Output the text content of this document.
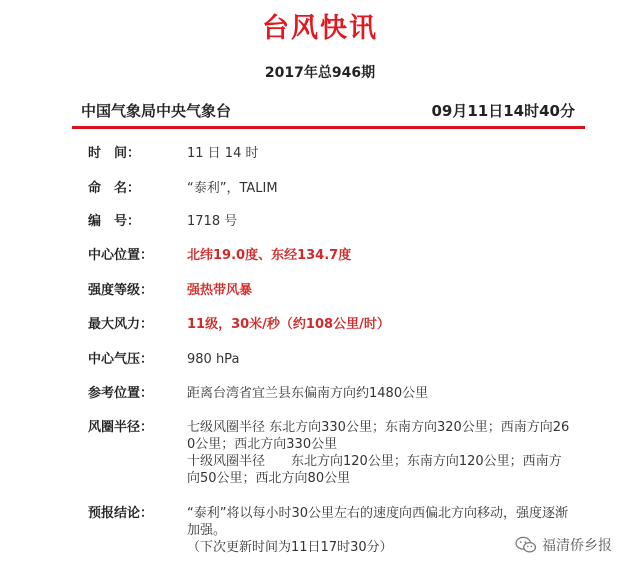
台风快讯
2017年总946期
中国气象局中央气象台	09月11日14时40分
时　间：	11 日 14 时
命　名：	“泰利”，TALIM
编　号：	1718 号
中心位置：	北纬19.0度、东经134.7度
强度等级：	强热带风暴
最大风力：	11级，30米/秒（约108公里/时）
中心气压：	980 hPa
参考位置：	距离台湾省宜兰县东偏南方向约1480公里
风圈半径：	七级风圈半径 东北方向330公里；东南方向320公里；西南方向26
0公里；西北方向330公里
十级风圈半径　　东北方向120公里；东南方向120公里；西南方
向50公里；西北方向80公里
预报结论：	“泰利”将以每小时30公里左右的速度向西偏北方向移动，强度逐渐
加强。
（下次更新时间为11日17时30分）	福清侨乡报
